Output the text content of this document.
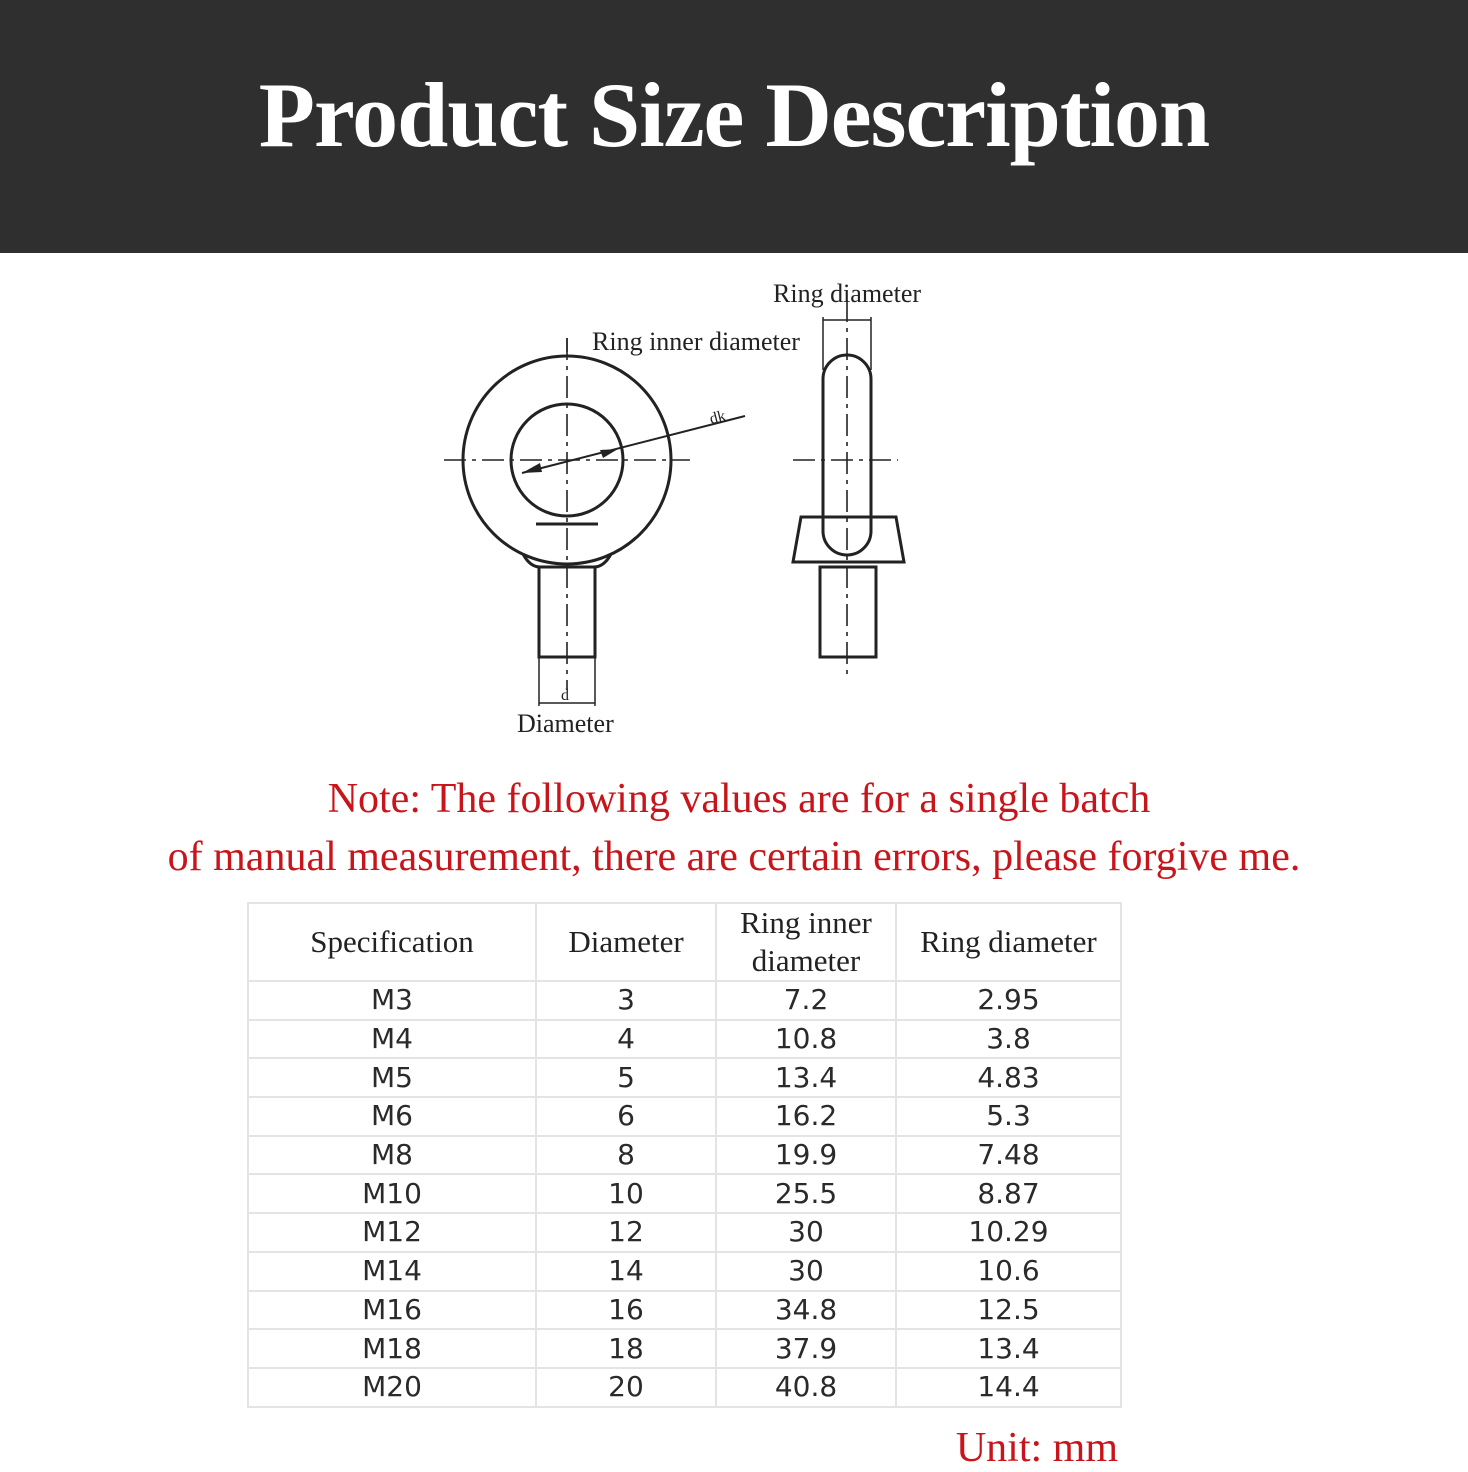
Product Size Description
Ring diameter
Ring inner diameter
Diameter
dk
d
Note: The following values are for a single batch
of manual measurement, there are certain errors, please forgive me.
Specification	Diameter	Ring inner diameter	Ring diameter
M3	3	7.2	2.95
M4	4	10.8	3.8
M5	5	13.4	4.83
M6	6	16.2	5.3
M8	8	19.9	7.48
M10	10	25.5	8.87
M12	12	30	10.29
M14	14	30	10.6
M16	16	34.8	12.5
M18	18	37.9	13.4
M20	20	40.8	14.4
Unit: mm
